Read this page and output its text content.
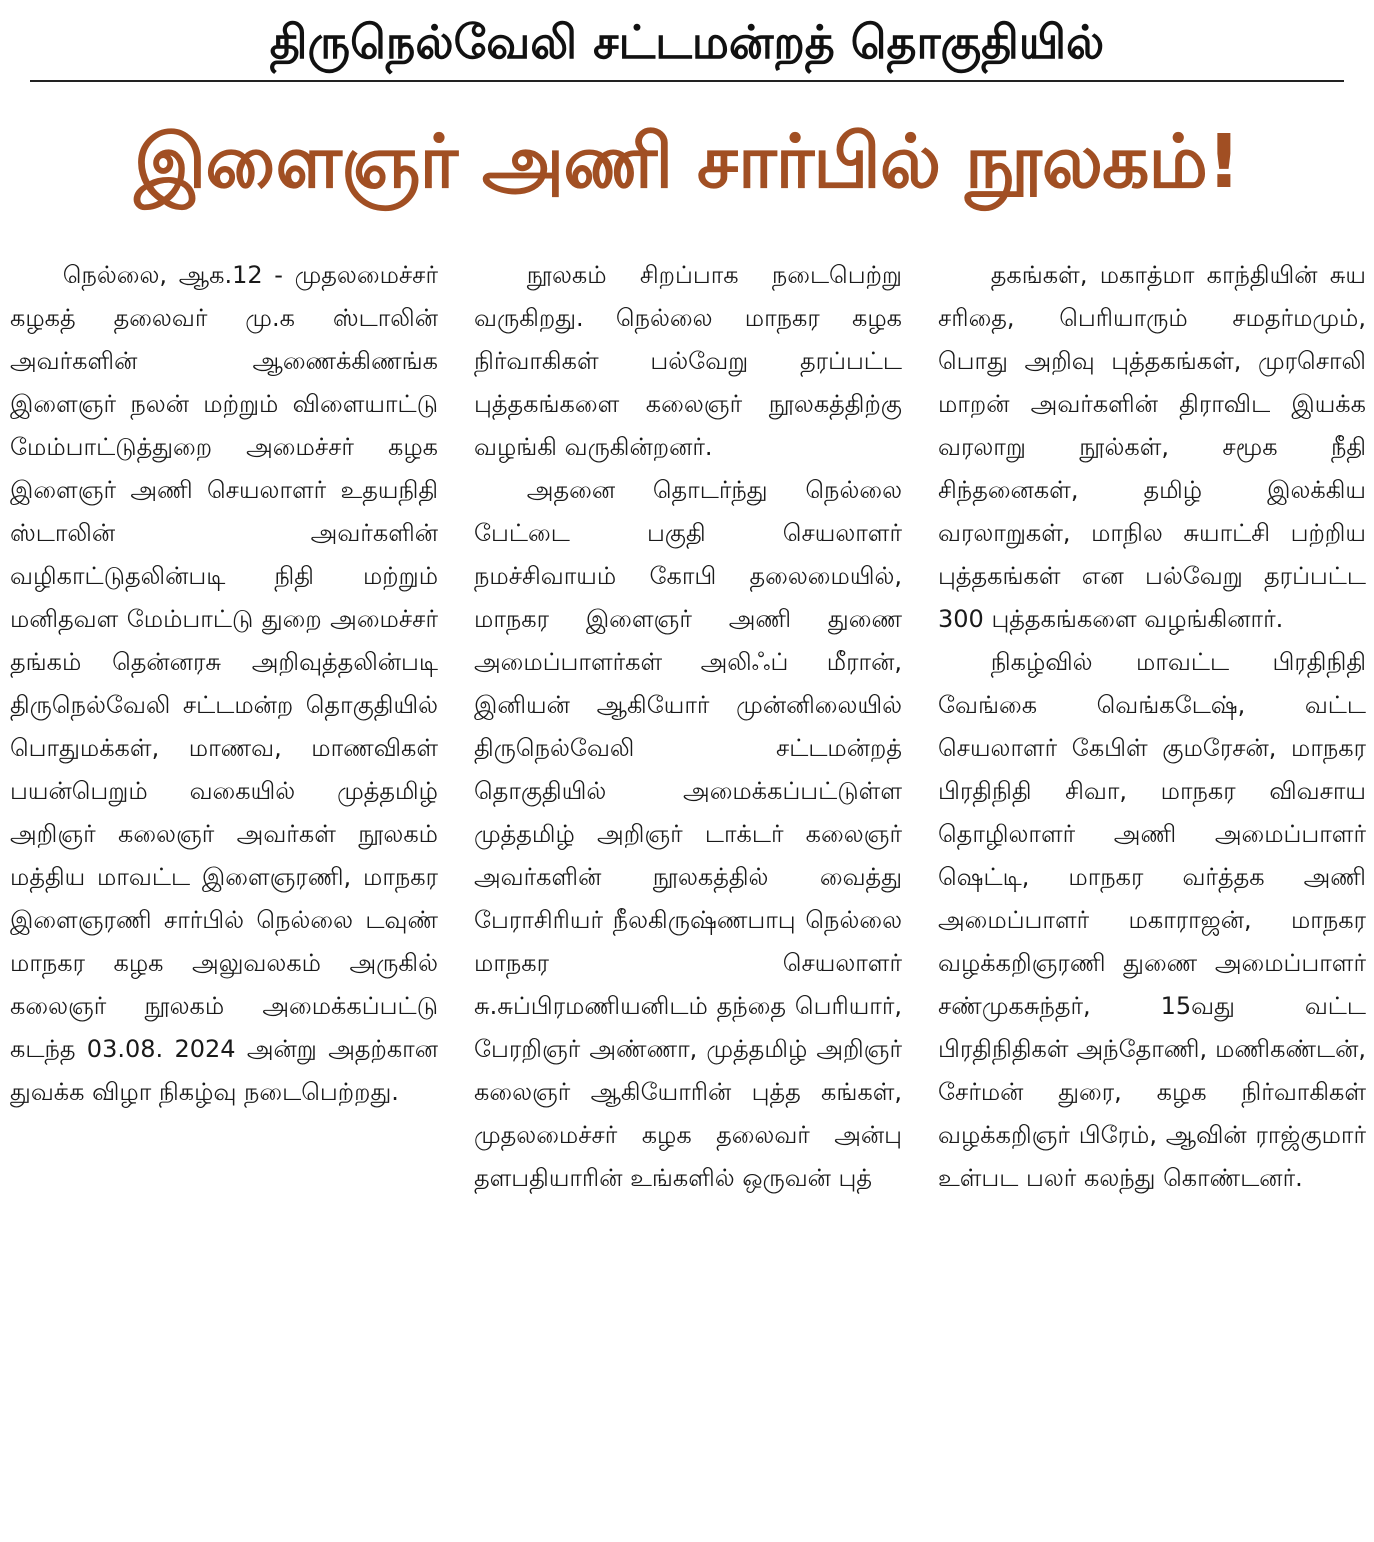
திருநெல்வேலி சட்டமன்றத் தொகுதியில்
இளைஞர் அணி சார்பில் நூலகம்!

நெல்லை, ஆக.12 - முதலமைச்சர் கழகத் தலைவர் மு.க ஸ்டாலின் அவர்களின் ஆணைக்கிணங்க இளைஞர் நலன் மற்றும் விளையாட்டு மேம்பாட்டுத்துறை அமைச்சர் கழக இளைஞர் அணி செயலாளர் உதயநிதி ஸ்டாலின் அவர்களின் வழிகாட்டுதலின்படி நிதி மற்றும் மனிதவள மேம்பாட்டு துறை அமைச்சர் தங்கம் தென்னரசு அறிவுத்தலின்படி திருநெல்வேலி சட்டமன்ற தொகுதியில் பொதுமக்கள், மாணவ, மாணவிகள் பயன்பெறும் வகையில் முத்தமிழ் அறிஞர் கலைஞர் அவர்கள் நூலகம் மத்திய மாவட்ட இளைஞரணி, மாநகர இளைஞரணி சார்பில் நெல்லை டவுண் மாநகர கழக அலுவலகம் அருகில் கலைஞர் நூலகம் அமைக்கப்பட்டு கடந்த 03.08. 2024 அன்று அதற்கான துவக்க விழா நிகழ்வு நடைபெற்றது.

நூலகம் சிறப்பாக நடைபெற்று வருகிறது. நெல்லை மாநகர கழக நிர்வாகிகள் பல்வேறு தரப்பட்ட புத்தகங்களை கலைஞர் நூலகத்திற்கு வழங்கி வருகின்றனர்.

அதனை தொடர்ந்து நெல்லை பேட்டை பகுதி செயலாளர் நமச்சிவாயம் கோபி தலைமையில், மாநகர இளைஞர் அணி துணை அமைப்பாளர்கள் அலிஃப் மீரான், இனியன் ஆகியோர் முன்னிலையில் திருநெல்வேலி சட்டமன்றத் தொகுதியில் அமைக்கப்பட்டுள்ள முத்தமிழ் அறிஞர் டாக்டர் கலைஞர் அவர்களின் நூலகத்தில் வைத்து பேராசிரியர் நீலகிருஷ்ணபாபு நெல்லை மாநகர செயலாளர் சு.சுப்பிரமணியனிடம் தந்தை பெரியார், பேரறிஞர் அண்ணா, முத்தமிழ் அறிஞர் கலைஞர் ஆகியோரின் புத்த கங்கள், முதலமைச்சர் கழக தலைவர் அன்பு தளபதியாரின் உங்களில் ஒருவன் புத்

தகங்கள், மகாத்மா காந்தியின் சுய சரிதை, பெரியாரும் சமதர்மமும், பொது அறிவு புத்தகங்கள், முரசொலி மாறன் அவர்களின் திராவிட இயக்க வரலாறு நூல்கள், சமூக நீதி சிந்தனைகள், தமிழ் இலக்கிய வரலாறுகள், மாநில சுயாட்சி பற்றிய புத்தகங்கள் என பல்வேறு தரப்பட்ட 300 புத்தகங்களை வழங்கினார்.

நிகழ்வில் மாவட்ட பிரதிநிதி வேங்கை வெங்கடேஷ், வட்ட செயலாளர் கேபிள் குமரேசன், மாநகர பிரதிநிதி சிவா, மாநகர விவசாய தொழிலாளர் அணி அமைப்பாளர் ஷெட்டி, மாநகர வர்த்தக அணி அமைப்பாளர் மகாராஜன், மாநகர வழக்கறிஞரணி துணை அமைப்பாளர் சண்முகசுந்தர், 15வது வட்ட பிரதிநிதிகள் அந்தோணி, மணிகண்டன், சேர்மன் துரை, கழக நிர்வாகிகள் வழக்கறிஞர் பிரேம், ஆவின் ராஜ்குமார் உள்பட பலர் கலந்து கொண்டனர்.
